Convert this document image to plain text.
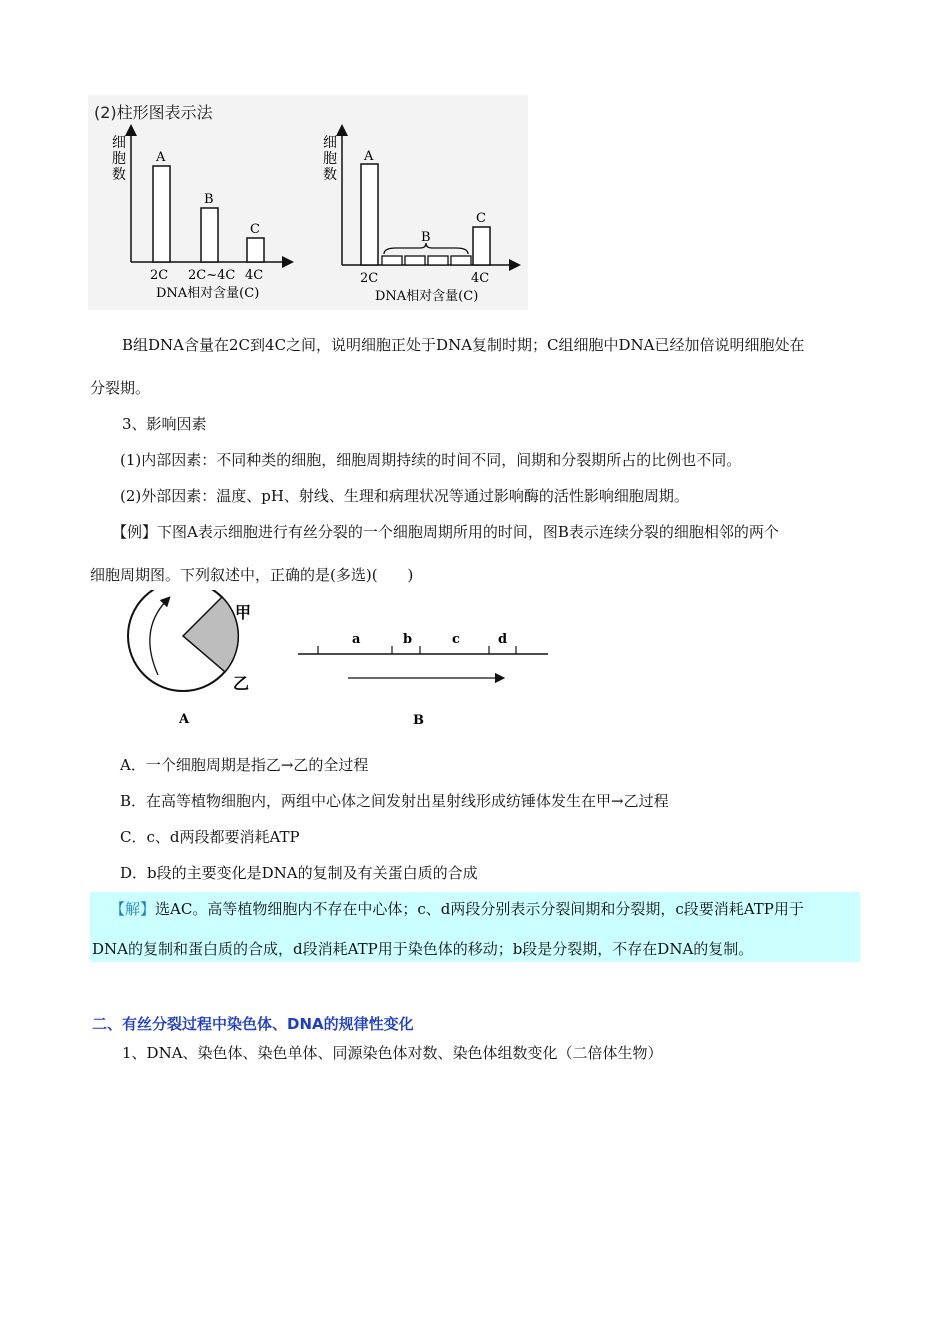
(2)柱形图表示法
细
胞
数
A
B
C
2C 2C~4C 4C
DNA相对含量(C)
细
胞
数
A
B
C
2C	4C
DNA相对含量(C)
B组DNA含量在2C到4C之间，说明细胞正处于DNA复制时期；C组细胞中DNA已经加倍说明细胞处在
分裂期。
3、影响因素
(1)内部因素：不同种类的细胞，细胞周期持续的时间不同，间期和分裂期所占的比例也不同。
(2)外部因素：温度、pH、射线、生理和病理状况等通过影响酶的活性影响细胞周期。
【例】下图A表示细胞进行有丝分裂的一个细胞周期所用的时间，图B表示连续分裂的细胞相邻的两个
细胞周期图。下列叙述中，正确的是(多选)(　　)
甲
乙
A
a	b	c	d
B
A．一个细胞周期是指乙→乙的全过程
B．在高等植物细胞内，两组中心体之间发射出星射线形成纺锤体发生在甲→乙过程
C．c、d两段都要消耗ATP
D．b段的主要变化是DNA的复制及有关蛋白质的合成
【解】选AC。高等植物细胞内不存在中心体；c、d两段分别表示分裂间期和分裂期，c段要消耗ATP用于
DNA的复制和蛋白质的合成，d段消耗ATP用于染色体的移动；b段是分裂期，不存在DNA的复制。
二、有丝分裂过程中染色体、DNA的规律性变化
1、DNA、染色体、染色单体、同源染色体对数、染色体组数变化（二倍体生物）
